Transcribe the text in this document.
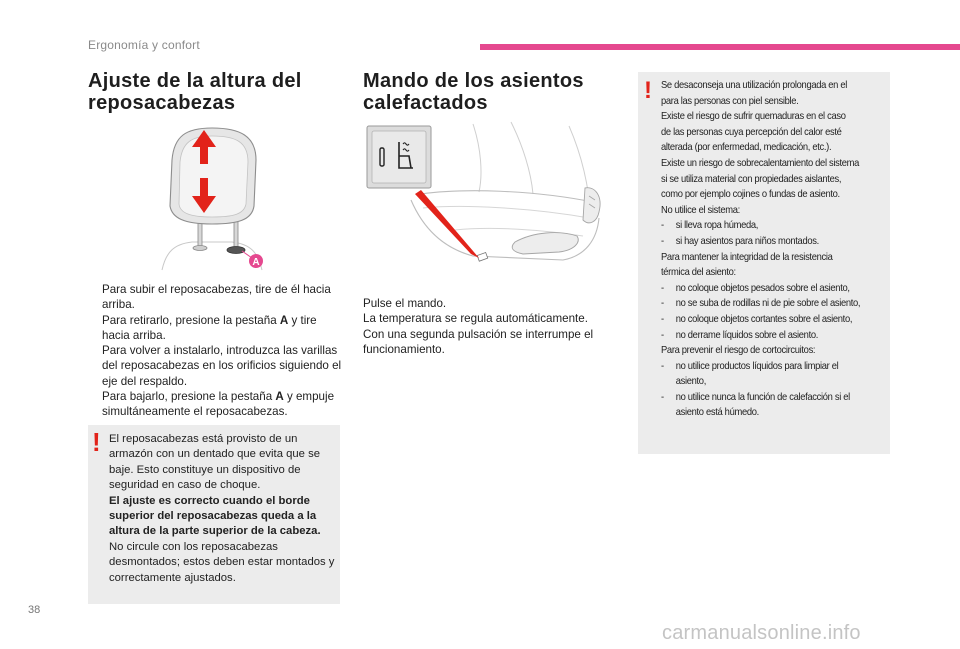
Ergonomía y confort
Ajuste de la altura del
reposacabezas
A
Para subir el reposacabezas, tire de él hacia arriba.
Para retirarlo, presione la pestaña A y tire hacia arriba.
Para volver a instalarlo, introduzca las varillas del reposacabezas en los orificios siguiendo el eje del respaldo.
Para bajarlo, presione la pestaña A y empuje simultáneamente el reposacabezas.
! El reposacabezas está provisto de un armazón con un dentado que evita que se baje. Esto constituye un dispositivo de seguridad en caso de choque.
El ajuste es correcto cuando el borde superior del reposacabezas queda a la altura de la parte superior de la cabeza.
No circule con los reposacabezas desmontados; estos deben estar montados y correctamente ajustados.
Mando de los asientos
calefactados
Pulse el mando.
La temperatura se regula automáticamente.
Con una segunda pulsación se interrumpe el funcionamiento.
! Se desaconseja una utilización prolongada en el
para las personas con piel sensible.
Existe el riesgo de sufrir quemaduras en el caso
de las personas cuya percepción del calor esté
alterada (por enfermedad, medicación, etc.).
Existe un riesgo de sobrecalentamiento del sistema
si se utiliza material con propiedades aislantes,
como por ejemplo cojines o fundas de asiento.
No utilice el sistema:
- si lleva ropa húmeda,
- si hay asientos para niños montados.
Para mantener la integridad de la resistencia
térmica del asiento:
- no coloque objetos pesados sobre el asiento,
- no se suba de rodillas ni de pie sobre el asiento,
- no coloque objetos cortantes sobre el asiento,
- no derrame líquidos sobre el asiento.
Para prevenir el riesgo de cortocircuitos:
- no utilice productos líquidos para limpiar el asiento,
- no utilice nunca la función de calefacción si el asiento está húmedo.
38
carmanualsonline.info
